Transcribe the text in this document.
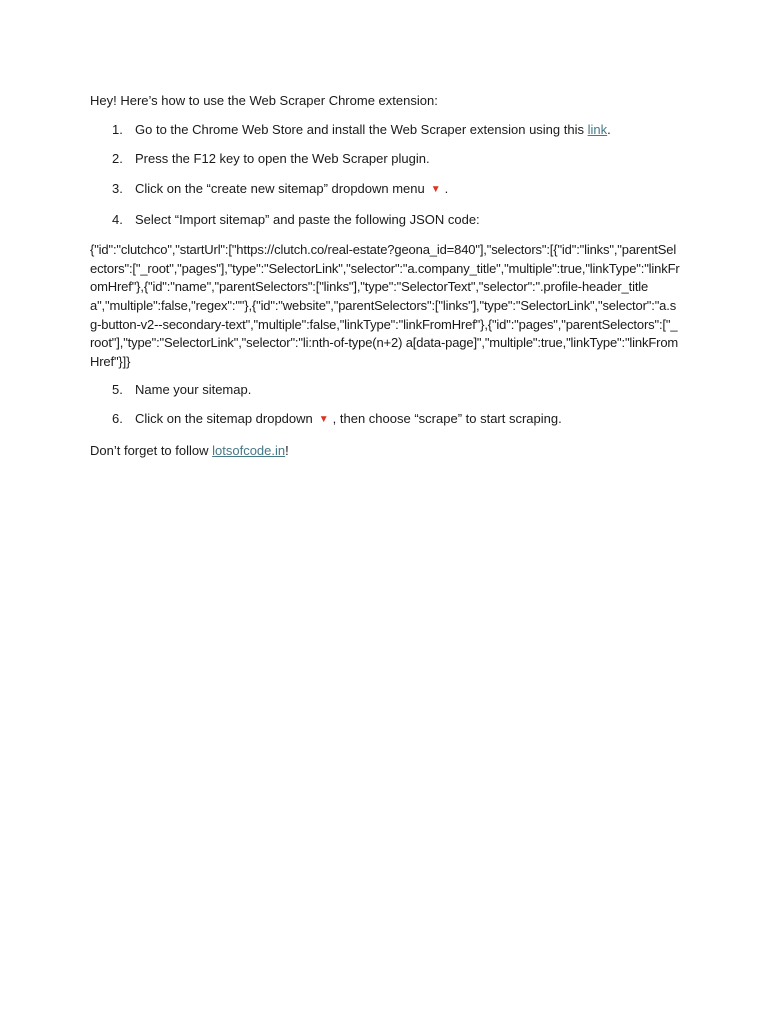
Hey! Here’s how to use the Web Scraper Chrome extension:

1. Go to the Chrome Web Store and install the Web Scraper extension using this link.
2. Press the F12 key to open the Web Scraper plugin.
3. Click on the “create new sitemap” dropdown menu ▼ .
4. Select “Import sitemap” and paste the following JSON code:

{"id":"clutchco","startUrl":["https://clutch.co/real-estate?geona_id=840"],"selectors":[{"id":"links","parentSelectors":["_root","pages"],"type":"SelectorLink","selector":"a.company_title","multiple":true,"linkType":"linkFromHref"},{"id":"name","parentSelectors":["links"],"type":"SelectorText","selector":".profile-header_title a","multiple":false,"regex":""},{"id":"website","parentSelectors":["links"],"type":"SelectorLink","selector":"a.sg-button-v2--secondary-text","multiple":false,"linkType":"linkFromHref"},{"id":"pages","parentSelectors":["_root"],"type":"SelectorLink","selector":"li:nth-of-type(n+2) a[data-page]","multiple":true,"linkType":"linkFromHref"}]}

5. Name your sitemap.
6. Click on the sitemap dropdown ▼ , then choose “scrape” to start scraping.

Don’t forget to follow lotsofcode.in!
